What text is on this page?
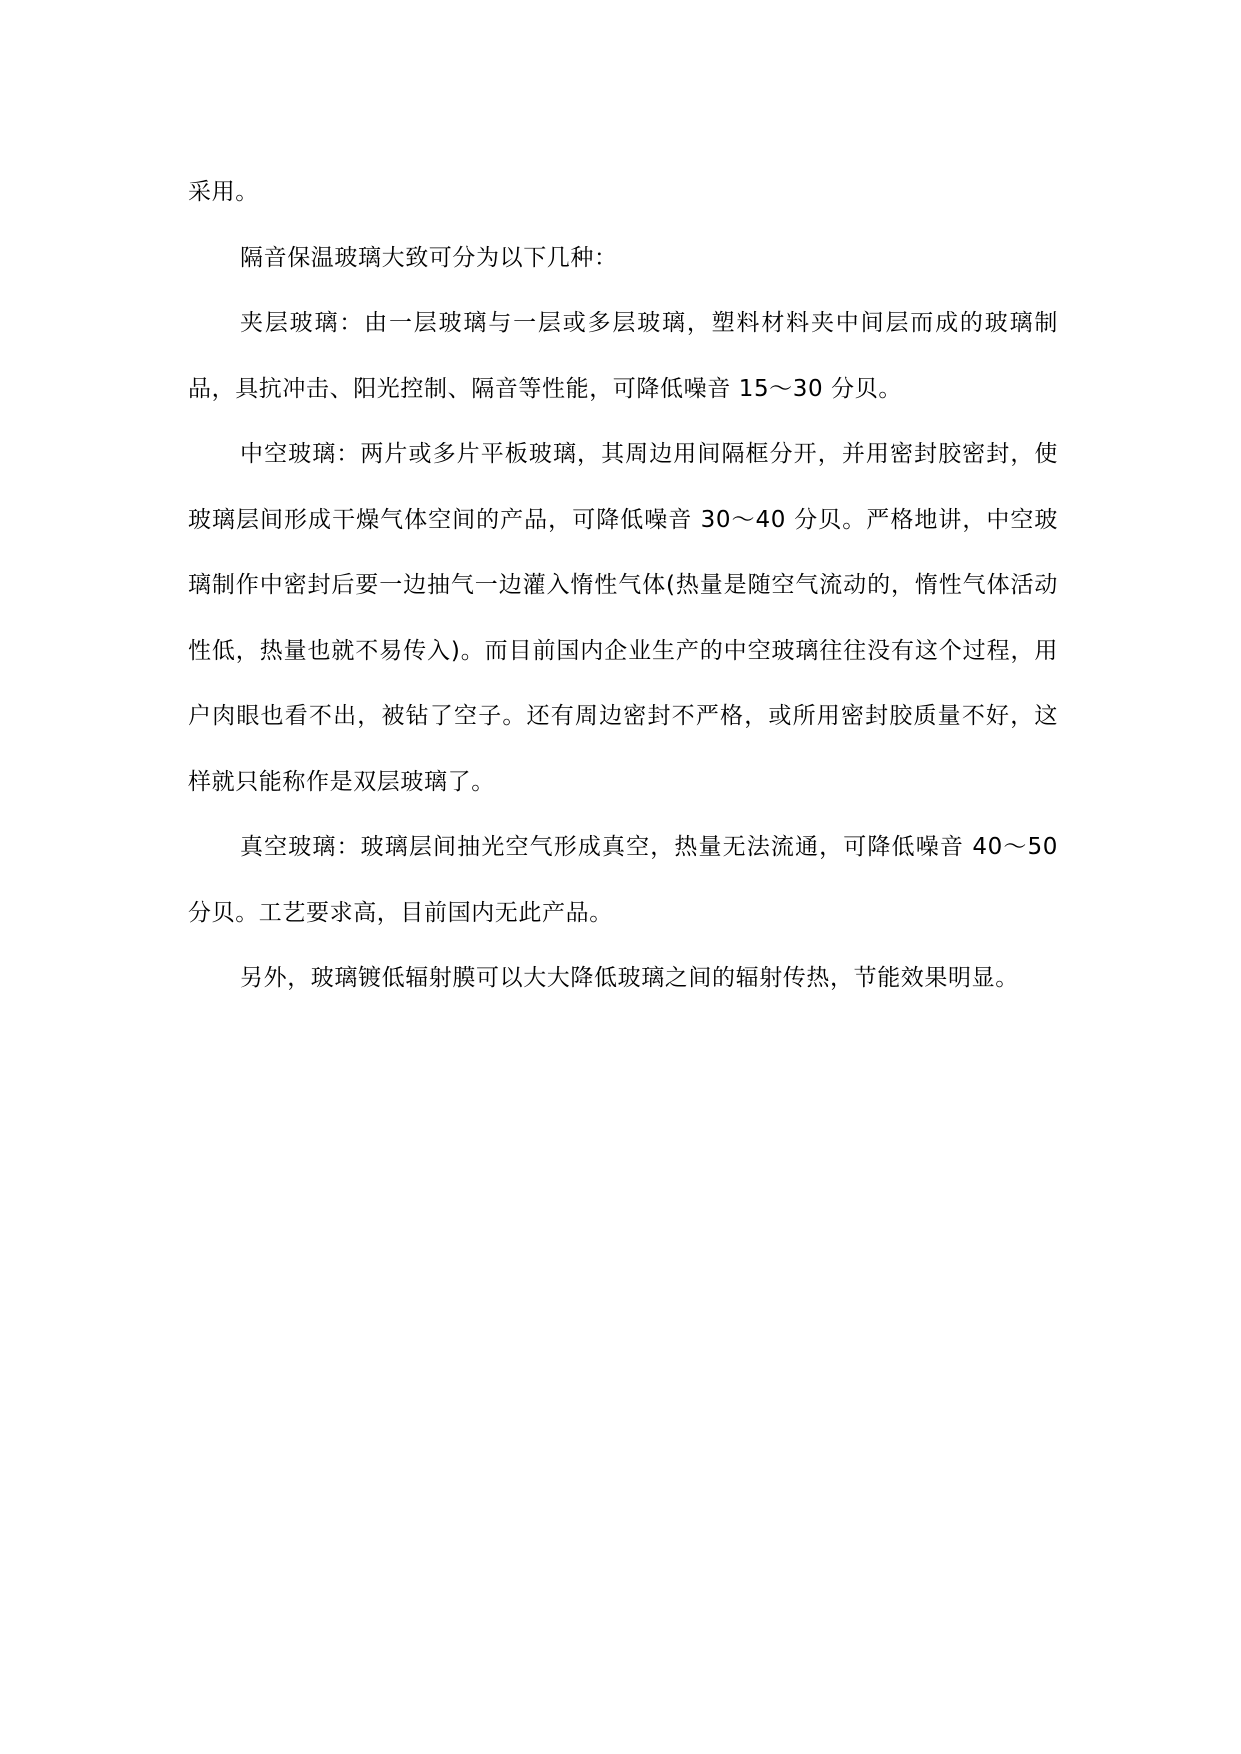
采用。

隔音保温玻璃大致可分为以下几种：

夹层玻璃：由一层玻璃与一层或多层玻璃，塑料材料夹中间层而成的玻璃制品，具抗冲击、阳光控制、隔音等性能，可降低噪音 15～30 分贝。

中空玻璃：两片或多片平板玻璃，其周边用间隔框分开，并用密封胶密封，使玻璃层间形成干燥气体空间的产品，可降低噪音 30～40 分贝。严格地讲，中空玻璃制作中密封后要一边抽气一边灌入惰性气体(热量是随空气流动的，惰性气体活动性低，热量也就不易传入)。而目前国内企业生产的中空玻璃往往没有这个过程，用户肉眼也看不出，被钻了空子。还有周边密封不严格，或所用密封胶质量不好，这样就只能称作是双层玻璃了。

真空玻璃：玻璃层间抽光空气形成真空，热量无法流通，可降低噪音 40～50 分贝。工艺要求高，目前国内无此产品。

另外，玻璃镀低辐射膜可以大大降低玻璃之间的辐射传热，节能效果明显。
